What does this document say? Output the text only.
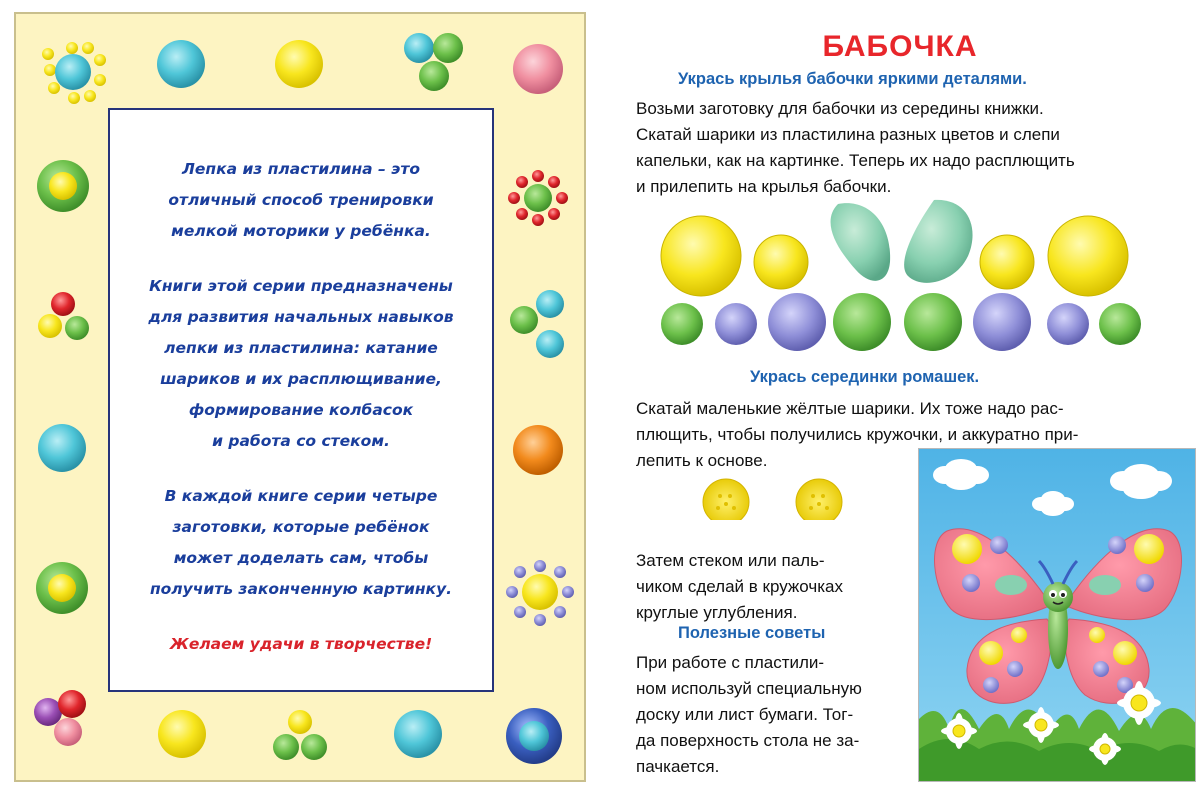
Лепка из пластилина – это
отличный способ тренировки
мелкой моторики у ребёнка.

Книги этой серии предназначены
для развития начальных навыков
лепки из пластилина: катание
шариков и их расплющивание,
формирование колбасок
и работа со стеком.

В каждой книге серии четыре
заготовки, которые ребёнок
может доделать сам, чтобы
получить законченную картинку.

Желаем удачи в творчестве!

БАБОЧКА
Укрась крылья бабочки яркими деталями.
Возьми заготовку для бабочки из середины книжки.
Скатай шарики из пластилина разных цветов и слепи
капельки, как на картинке. Теперь их надо расплющить
и прилепить на крылья бабочки.
Укрась серединки ромашек.
Скатай маленькие жёлтые шарики. Их тоже надо рас-
плющить, чтобы получились кружочки, и аккуратно при-
лепить к основе.
Затем стеком или паль-
чиком сделай в кружочках
круглые углубления.
Полезные советы
При работе с пластили-
ном используй специальную
доску или лист бумаги. Тог-
да поверхность стола не за-
пачкается.
